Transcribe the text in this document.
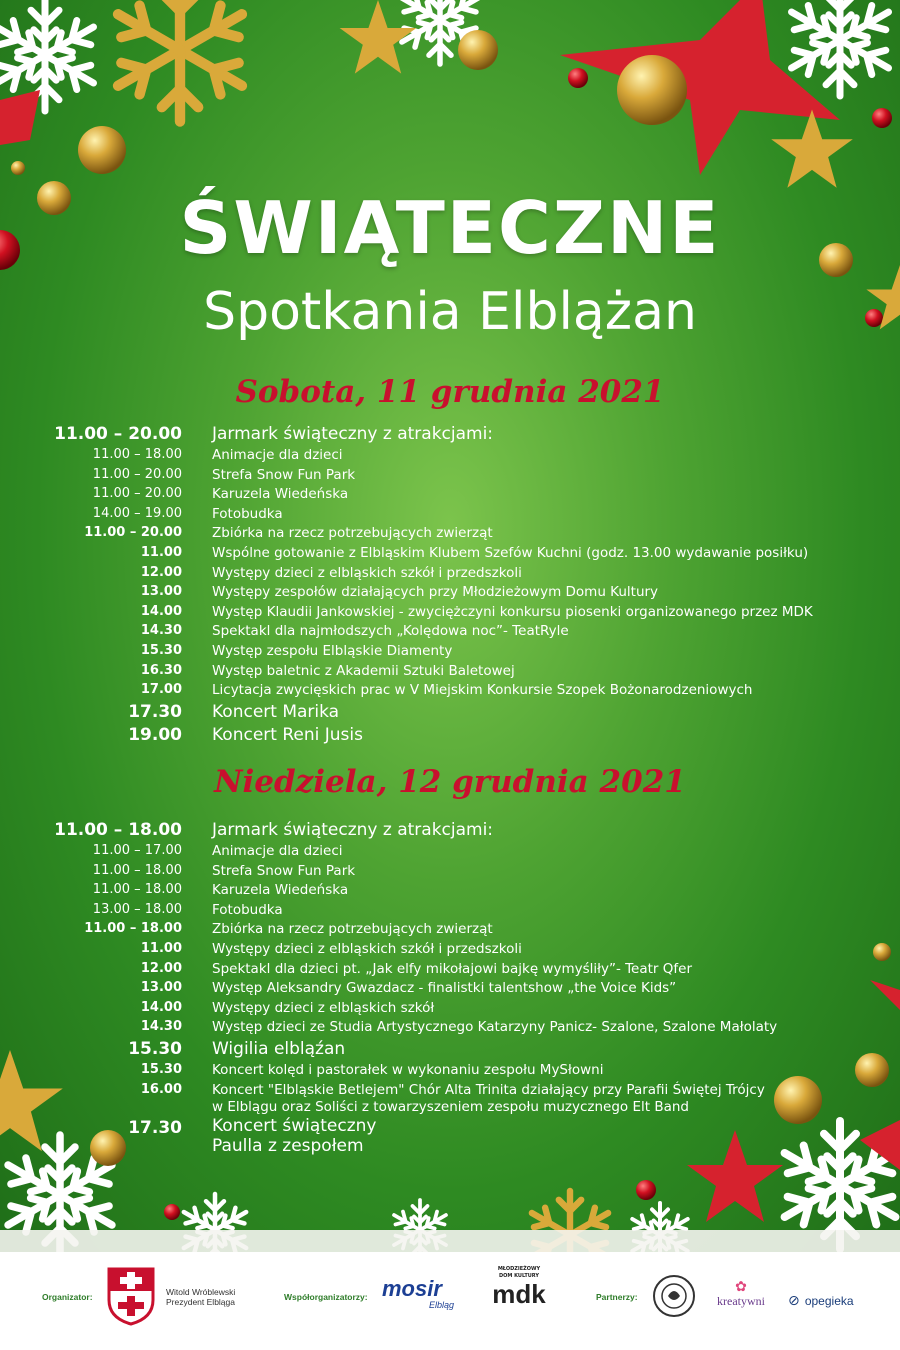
ŚWIĄTECZNE
Spotkania Elblążan
Sobota, 11 grudnia 2021
11.00 – 20.00 Jarmark świąteczny z atrakcjami:
11.00 – 18.00 Animacje dla dzieci
11.00 – 20.00 Strefa Snow Fun Park
11.00 – 20.00 Karuzela Wiedeńska
14.00 – 19.00 Fotobudka
11.00 – 20.00 Zbiórka na rzecz potrzebujących zwierząt
11.00 Wspólne gotowanie z Elbląskim Klubem Szefów Kuchni (godz. 13.00 wydawanie posiłku)
12.00 Występy dzieci z elbląskich szkół i przedszkoli
13.00 Występy zespołów działających przy Młodzieżowym Domu Kultury
14.00 Występ Klaudii Jankowskiej - zwyciężczyni konkursu piosenki organizowanego przez MDK
14.30 Spektakl dla najmłodszych „Kolędowa noc”- TeatRyle
15.30 Występ zespołu Elbląskie Diamenty
16.30 Występ baletnic z Akademii Sztuki Baletowej
17.00 Licytacja zwycięskich prac w V Miejskim Konkursie Szopek Bożonarodzeniowych
17.30 Koncert Marika
19.00 Koncert Reni Jusis
Niedziela, 12 grudnia 2021
11.00 – 18.00 Jarmark świąteczny z atrakcjami:
11.00 – 17.00 Animacje dla dzieci
11.00 – 18.00 Strefa Snow Fun Park
11.00 – 18.00 Karuzela Wiedeńska
13.00 – 18.00 Fotobudka
11.00 – 18.00 Zbiórka na rzecz potrzebujących zwierząt
11.00 Występy dzieci z elbląskich szkół i przedszkoli
12.00 Spektakl dla dzieci pt. „Jak elfy mikołajowi bajkę wymyśliły”- Teatr Qfer
13.00 Występ Aleksandry Gwazdacz - finalistki talentshow „the Voice Kids”
14.00 Występy dzieci z elbląskich szkół
14.30 Występ dzieci ze Studia Artystycznego Katarzyny Panicz- Szalone, Szalone Małolaty
15.30 Wigilia elbląźan
15.30 Koncert kolęd i pastorałek w wykonaniu zespołu MySłowni
16.00 Koncert "Elbląskie Betlejem" Chór Alta Trinita działający przy Parafii Świętej Trójcy
w Elblągu oraz Soliści z towarzyszeniem zespołu muzycznego Elt Band
17.30 Koncert świąteczny
Paulla z zespołem
Organizator:	Witold Wróblewski
Prezydent Elbląga	Współorganizatorzy: mosir
Elbląg
MŁODZIEŻOWY DOM KULTURY
mdk	Partnerzy:
✿
kreatywni	⊘ opegieka
